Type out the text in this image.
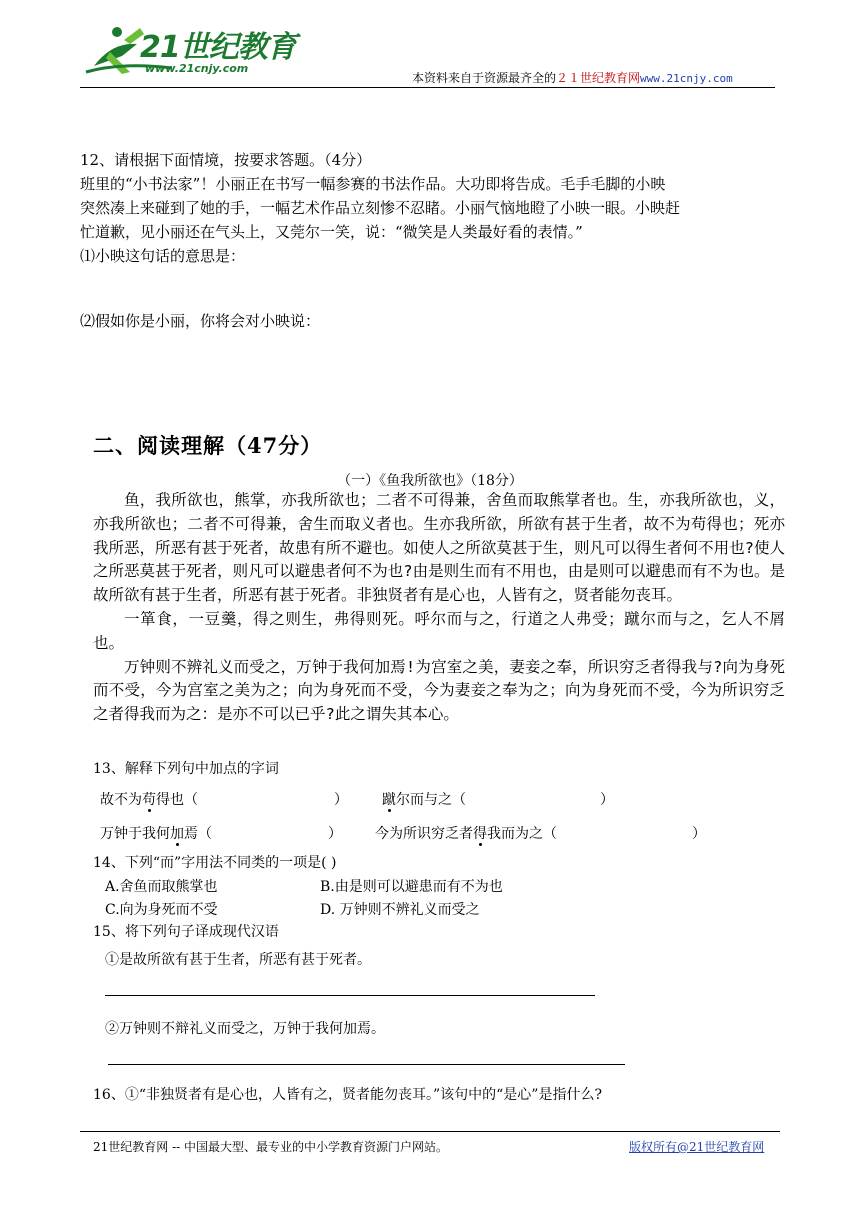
21世纪教育
www.21cnjy.com
本资料来自于资源最齐全的２１世纪教育网www.21cnjy.com

12、请根据下面情境，按要求答题。（4分）

班里的“小书法家”！小丽正在书写一幅参赛的书法作品。大功即将告成。毛手毛脚的小映

突然凑上来碰到了她的手，一幅艺术作品立刻惨不忍睹。小丽气恼地瞪了小映一眼。小映赶

忙道歉，见小丽还在气头上，又莞尔一笑，说：“微笑是人类最好看的表情。”

⑴小映这句话的意思是：

⑵假如你是小丽，你将会对小映说：
二、阅读理解（47分）
（一）《鱼我所欲也》（18分）

鱼，我所欲也，熊掌，亦我所欲也；二者不可得兼，舍鱼而取熊掌者也。生，亦我所欲也，义，亦我所欲也；二者不可得兼，舍生而取义者也。生亦我所欲，所欲有甚于生者，故不为苟得也；死亦我所恶，所恶有甚于死者，故患有所不避也。如使人之所欲莫甚于生，则凡可以得生者何不用也?使人之所恶莫甚于死者，则凡可以避患者何不为也?由是则生而有不用也，由是则可以避患而有不为也。是故所欲有甚于生者，所恶有甚于死者。非独贤者有是心也，人皆有之，贤者能勿丧耳。

一箪食，一豆羹，得之则生，弗得则死。呼尔而与之，行道之人弗受；蹴尔而与之，乞人不屑也。

万钟则不辨礼义而受之，万钟于我何加焉!为宫室之美，妻妾之奉，所识穷乏者得我与?向为身死而不受，今为宫室之美为之；向为身死而不受，今为妻妾之奉为之；向为身死而不受，今为所识穷乏之者得我而为之：是亦不可以已乎?此之谓失其本心。

13、解释下列句中加点的字词
故不为苟得也（	） 蹴尔而与之（	）
万钟于我何加焉（	） 今为所识穷乏者得我而为之（	）
14、下列“而”字用法不同类的一项是( )
A.舍鱼而取熊掌也	B.由是则可以避患而有不为也
C.向为身死而不受	D. 万钟则不辨礼义而受之
15、将下列句子译成现代汉语
①是故所欲有甚于生者，所恶有甚于死者。
②万钟则不辩礼义而受之，万钟于我何加焉。
16、①“非独贤者有是心也，人皆有之，贤者能勿丧耳。”该句中的“是心”是指什么?
21世纪教育网 -- 中国最大型、最专业的中小学教育资源门户网站。	版权所有@21世纪教育网
